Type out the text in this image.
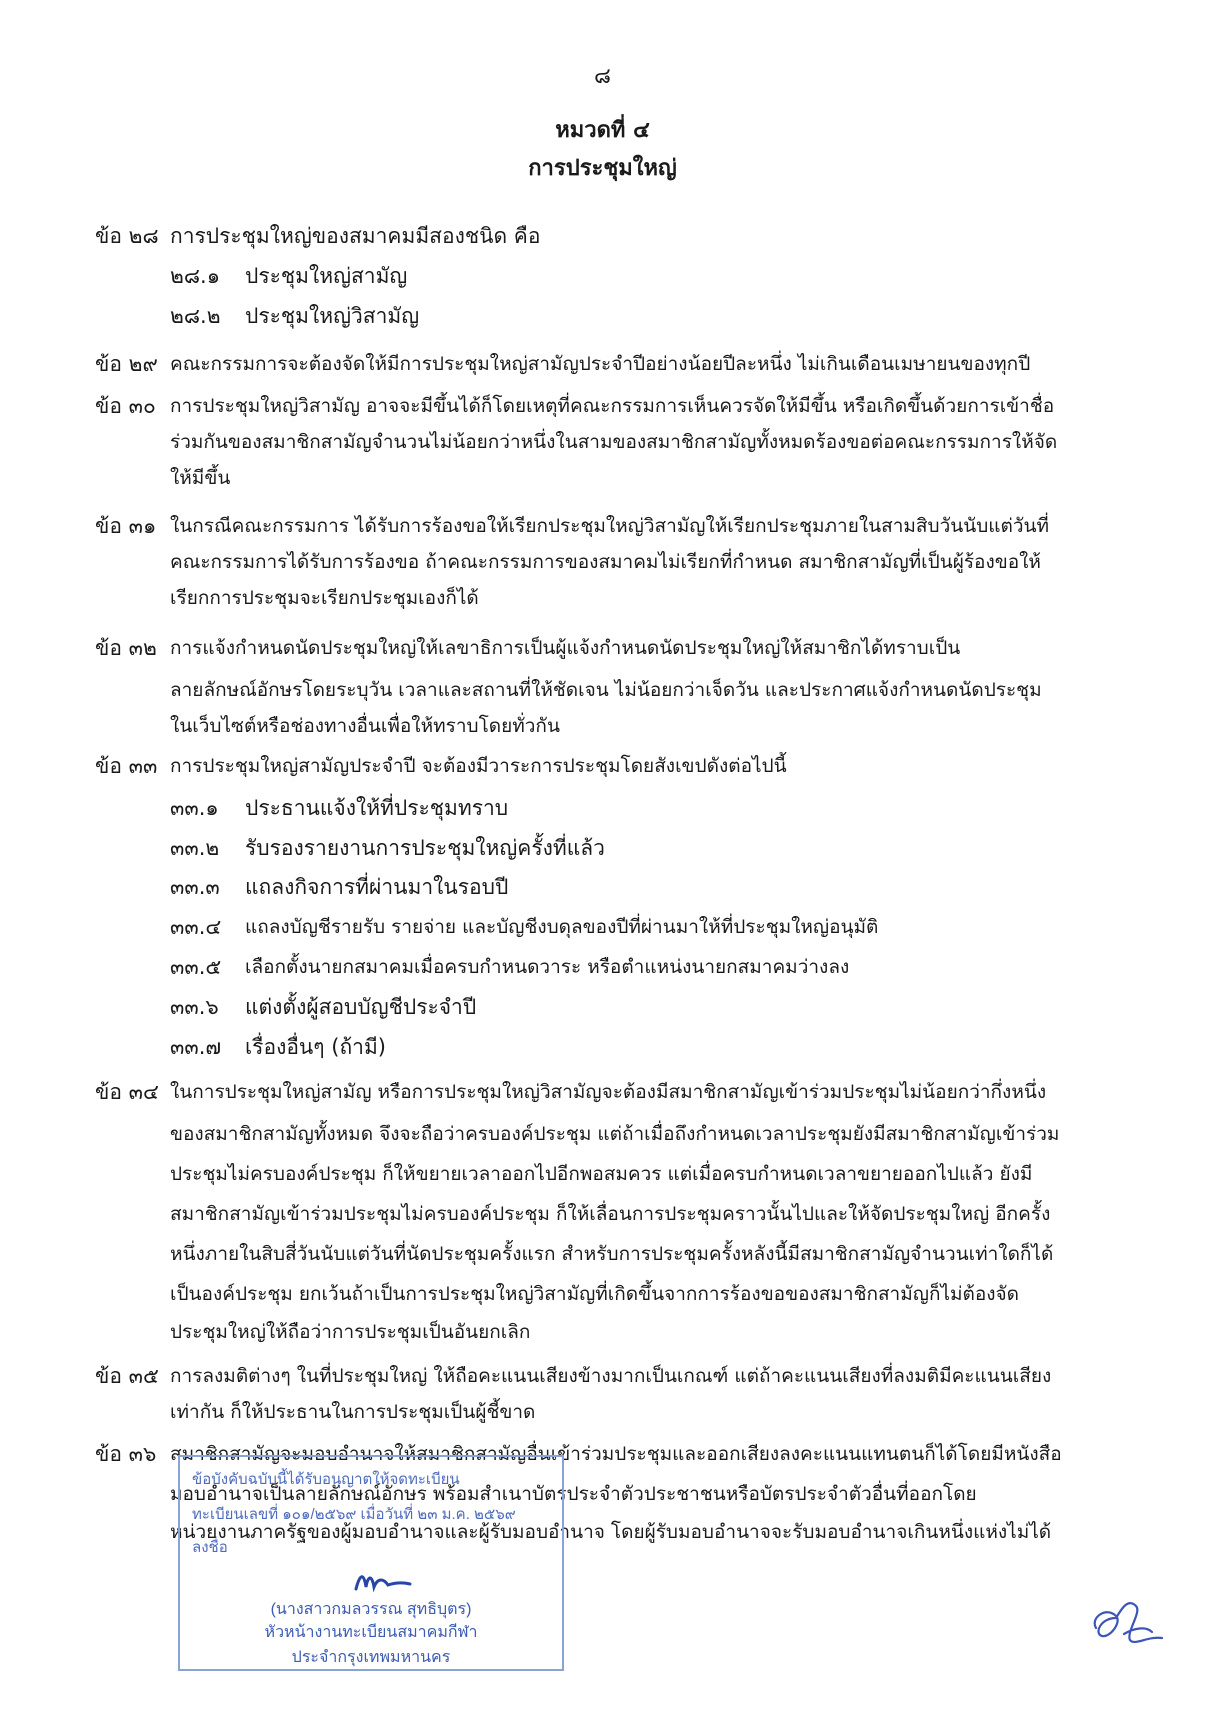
๘
หมวดที่ ๔
การประชุมใหญ่
ข้อ ๒๘ การประชุมใหญ่ของสมาคมมีสองชนิด คือ
๒๘.๑ ประชุมใหญ่สามัญ
๒๘.๒ ประชุมใหญ่วิสามัญ
ข้อ ๒๙ คณะกรรมการจะต้องจัดให้มีการประชุมใหญ่สามัญประจำปีอย่างน้อยปีละหนึ่ง ไม่เกินเดือนเมษายนของทุกปี
ข้อ ๓๐ การประชุมใหญ่วิสามัญ อาจจะมีขึ้นได้ก็โดยเหตุที่คณะกรรมการเห็นควรจัดให้มีขึ้น หรือเกิดขึ้นด้วยการเข้าชื่อ
ร่วมกันของสมาชิกสามัญจำนวนไม่น้อยกว่าหนึ่งในสามของสมาชิกสามัญทั้งหมดร้องขอต่อคณะกรรมการให้จัด
ให้มีขึ้น
ข้อ ๓๑ ในกรณีคณะกรรมการ ได้รับการร้องขอให้เรียกประชุมใหญ่วิสามัญให้เรียกประชุมภายในสามสิบวันนับแต่วันที่
คณะกรรมการได้รับการร้องขอ ถ้าคณะกรรมการของสมาคมไม่เรียกที่กำหนด สมาชิกสามัญที่เป็นผู้ร้องขอให้
เรียกการประชุมจะเรียกประชุมเองก็ได้
ข้อ ๓๒ การแจ้งกำหนดนัดประชุมใหญ่ให้เลขาธิการเป็นผู้แจ้งกำหนดนัดประชุมใหญ่ให้สมาชิกได้ทราบเป็น
ลายลักษณ์อักษรโดยระบุวัน เวลาและสถานที่ให้ชัดเจน ไม่น้อยกว่าเจ็ดวัน และประกาศแจ้งกำหนดนัดประชุม
ในเว็บไซต์หรือช่องทางอื่นเพื่อให้ทราบโดยทั่วกัน
ข้อ ๓๓ การประชุมใหญ่สามัญประจำปี จะต้องมีวาระการประชุมโดยสังเขปดังต่อไปนี้
๓๓.๑ ประธานแจ้งให้ที่ประชุมทราบ
๓๓.๒ รับรองรายงานการประชุมใหญ่ครั้งที่แล้ว
๓๓.๓ แถลงกิจการที่ผ่านมาในรอบปี
๓๓.๔ แถลงบัญชีรายรับ รายจ่าย และบัญชีงบดุลของปีที่ผ่านมาให้ที่ประชุมใหญ่อนุมัติ
๓๓.๕ เลือกตั้งนายกสมาคมเมื่อครบกำหนดวาระ หรือตำแหน่งนายกสมาคมว่างลง
๓๓.๖ แต่งตั้งผู้สอบบัญชีประจำปี
๓๓.๗ เรื่องอื่นๆ (ถ้ามี)
ข้อ ๓๔ ในการประชุมใหญ่สามัญ หรือการประชุมใหญ่วิสามัญจะต้องมีสมาชิกสามัญเข้าร่วมประชุมไม่น้อยกว่ากึ่งหนึ่ง
ของสมาชิกสามัญทั้งหมด จึงจะถือว่าครบองค์ประชุม แต่ถ้าเมื่อถึงกำหนดเวลาประชุมยังมีสมาชิกสามัญเข้าร่วม
ประชุมไม่ครบองค์ประชุม ก็ให้ขยายเวลาออกไปอีกพอสมควร แต่เมื่อครบกำหนดเวลาขยายออกไปแล้ว ยังมี
สมาชิกสามัญเข้าร่วมประชุมไม่ครบองค์ประชุม ก็ให้เลื่อนการประชุมคราวนั้นไปและให้จัดประชุมใหญ่ อีกครั้ง
หนึ่งภายในสิบสี่วันนับแต่วันที่นัดประชุมครั้งแรก สำหรับการประชุมครั้งหลังนี้มีสมาชิกสามัญจำนวนเท่าใดก็ได้
เป็นองค์ประชุม ยกเว้นถ้าเป็นการประชุมใหญ่วิสามัญที่เกิดขึ้นจากการร้องขอของสมาชิกสามัญก็ไม่ต้องจัด
ประชุมใหญ่ให้ถือว่าการประชุมเป็นอันยกเลิก
ข้อ ๓๕ การลงมติต่างๆ ในที่ประชุมใหญ่ ให้ถือคะแนนเสียงข้างมากเป็นเกณฑ์ แต่ถ้าคะแนนเสียงที่ลงมติมีคะแนนเสียง
เท่ากัน ก็ให้ประธานในการประชุมเป็นผู้ชี้ขาด
ข้อ ๓๖ สมาชิกสามัญจะมอบอำนาจให้สมาชิกสามัญอื่นเข้าร่วมประชุมและออกเสียงลงคะแนนแทนตนก็ได้โดยมีหนังสือ
มอบอำนาจเป็นลายลักษณ์อักษร พร้อมสำเนาบัตรประจำตัวประชาชนหรือบัตรประจำตัวอื่นที่ออกโดย
หน่วยงานภาครัฐของผู้มอบอำนาจและผู้รับมอบอำนาจ โดยผู้รับมอบอำนาจจะรับมอบอำนาจเกินหนึ่งแห่งไม่ได้
ข้อบังคับฉบับนี้ได้รับอนุญาตให้จดทะเบียน
ทะเบียนเลขที่ ๑๐๑/๒๕๖๙ เมื่อวันที่ ๒๓ ม.ค. ๒๕๖๙
ลงชื่อ
(นางสาวกมลวรรณ สุทธิบุตร)
หัวหน้างานทะเบียนสมาคมกีฬา
ประจำกรุงเทพมหานคร
